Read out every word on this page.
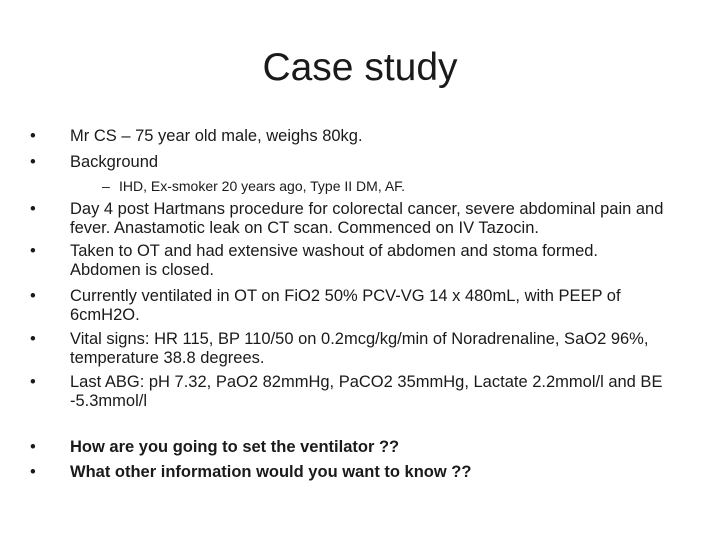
Case study
•	Mr CS – 75 year old male, weighs 80kg.
•	Background
– IHD, Ex-smoker 20 years ago, Type II DM, AF.
•	Day 4 post Hartmans procedure for colorectal cancer, severe abdominal pain and fever. Anastamotic leak on CT scan. Commenced on IV Tazocin.
•	Taken to OT and had extensive washout of abdomen and stoma formed. Abdomen is closed.
•	Currently ventilated in OT on FiO2 50% PCV-VG 14 x 480mL, with PEEP of 6cmH2O.
•	Vital signs: HR 115, BP 110/50 on 0.2mcg/kg/min of Noradrenaline, SaO2 96%, temperature 38.8 degrees.
•	Last ABG: pH 7.32, PaO2 82mmHg, PaCO2 35mmHg, Lactate 2.2mmol/l and BE -5.3mmol/l
•	How are you going to set the ventilator ??
•	What other information would you want to know ??
